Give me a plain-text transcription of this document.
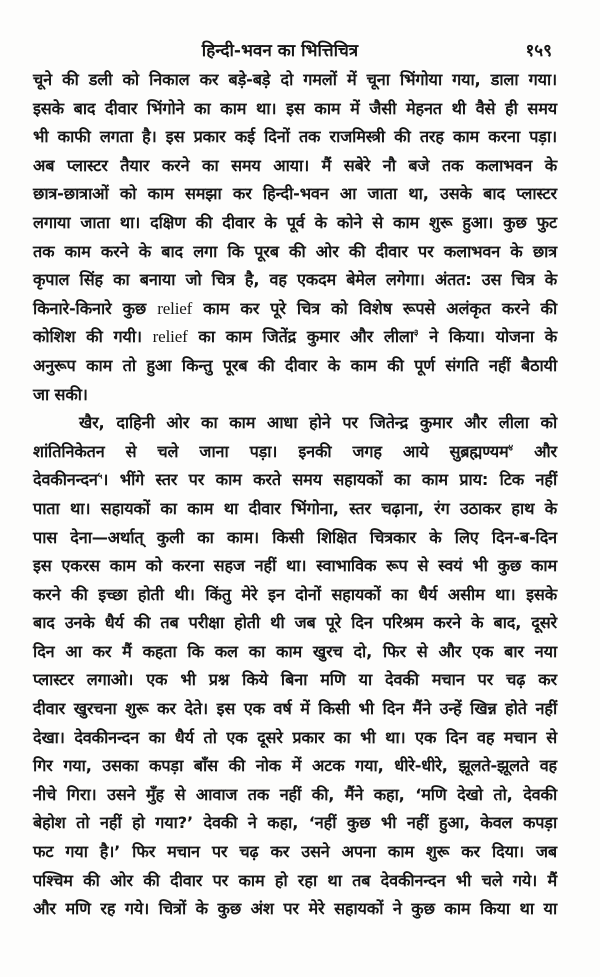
हिन्दी-भवन का भित्तिचित्र	१५९
चूने की डली को निकाल कर बड़े-बड़े दो गमलों में चूना भिंगोया गया, डाला गया।
इसके बाद दीवार भिंगोने का काम था। इस काम में जैसी मेहनत थी वैसे ही समय
भी काफी लगता है। इस प्रकार कई दिनों तक राजमिस्त्री की तरह काम करना पड़ा।
अब प्लास्टर तैयार करने का समय आया। मैं सबेरे नौ बजे तक कलाभवन के
छात्र-छात्राओं को काम समझा कर हिन्दी-भवन आ जाता था, उसके बाद प्लास्टर
लगाया जाता था। दक्षिण की दीवार के पूर्व के कोने से काम शुरू हुआ। कुछ फुट
तक काम करने के बाद लगा कि पूरब की ओर की दीवार पर कलाभवन के छात्र
कृपाल सिंह का बनाया जो चित्र है, वह एकदम बेमेल लगेगा। अंतत: उस चित्र के
किनारे-किनारे कुछ relief काम कर पूरे चित्र को विशेष रूपसे अलंकृत करने की
कोशिश की गयी। relief का काम जितेंद्र कुमार और लीला$^३$ ने किया। योजना के
अनुरूप काम तो हुआ किन्तु पूरब की दीवार के काम की पूर्ण संगति नहीं बैठायी
जा सकी।
खैर, दाहिनी ओर का काम आधा होने पर जितेन्द्र कुमार और लीला को
शांतिनिकेतन से चले जाना पड़ा। इनकी जगह आये सुब्रह्मण्यम$^४$ और
देवकीनन्दन$^५$। भींगे स्तर पर काम करते समय सहायकों का काम प्राय: टिक नहीं
पाता था। सहायकों का काम था दीवार भिंगोना, स्तर चढ़ाना, रंग उठाकर हाथ के
पास देना—अर्थात् कुली का काम। किसी शिक्षित चित्रकार के लिए दिन-ब-दिन
इस एकरस काम को करना सहज नहीं था। स्वाभाविक रूप से स्वयं भी कुछ काम
करने की इच्छा होती थी। किंतु मेरे इन दोनों सहायकों का धैर्य असीम था। इसके
बाद उनके धैर्य की तब परीक्षा होती थी जब पूरे दिन परिश्रम करने के बाद, दूसरे
दिन आ कर मैं कहता कि कल का काम खुरच दो, फिर से और एक बार नया
प्लास्टर लगाओ। एक भी प्रश्न किये बिना मणि या देवकी मचान पर चढ़ कर
दीवार खुरचना शुरू कर देते। इस एक वर्ष में किसी भी दिन मैंने उन्हें खिन्न होते नहीं
देखा। देवकीनन्दन का धैर्य तो एक दूसरे प्रकार का भी था। एक दिन वह मचान से
गिर गया, उसका कपड़ा बाँस की नोक में अटक गया, धीरे-धीरे, झूलते-झूलते वह
नीचे गिरा। उसने मुँह से आवाज तक नहीं की, मैंने कहा, ‘मणि देखो तो, देवकी
बेहोश तो नहीं हो गया?’ देवकी ने कहा, ‘नहीं कुछ भी नहीं हुआ, केवल कपड़ा
फट गया है।’ फिर मचान पर चढ़ कर उसने अपना काम शुरू कर दिया। जब
पश्चिम की ओर की दीवार पर काम हो रहा था तब देवकीनन्दन भी चले गये। मैं
और मणि रह गये। चित्रों के कुछ अंश पर मेरे सहायकों ने कुछ काम किया था या
